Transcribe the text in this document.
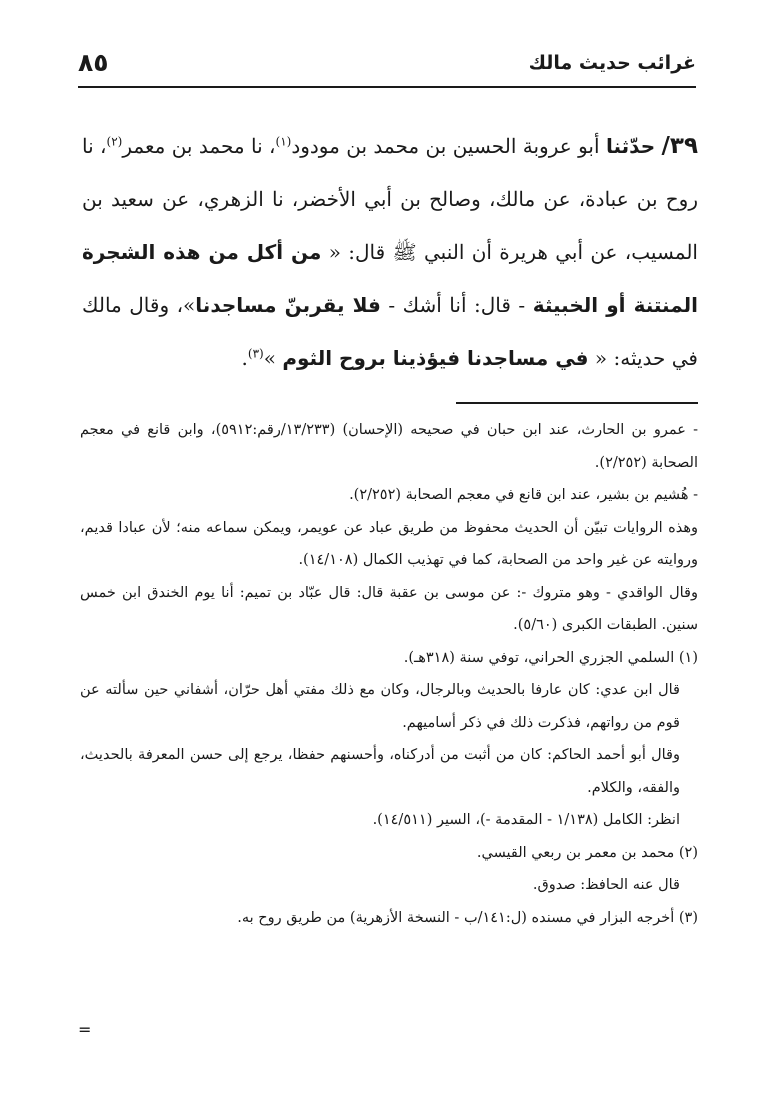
غرائب حديث مالك
٨٥

٣٩/ حدّثنا أبو عروبة الحسين بن محمد بن مودود$^{(١)}$، نا محمد بن معمر$^{(٢)}$، نا روح بن عبادة، عن مالك، وصالح بن أبي الأخضر، نا الزهري، عن سعيد بن المسيب، عن أبي هريرة أن النبي ﷺ قال: « من أكل من هذه الشجرة المنتنة أو الخبيثة - قال: أنا أشك - فلا يقربنّ مساجدنا»، وقال مالك في حديثه: « في مساجدنا فيؤذينا بروح الثوم »$^{(٣)}$.

- عمرو بن الحارث، عند ابن حبان في صحيحه (الإحسان) (١٣/٢٣٣/رقم:٥٩١٢)، وابن قانع في معجم الصحابة (٢/٢٥٢).

- هُشيم بن بشير، عند ابن قانع في معجم الصحابة (٢/٢٥٢).

وهذه الروايات تبيّن أن الحديث محفوظ من طريق عباد عن عويمر، ويمكن سماعه منه؛ لأن عبادا قديم، وروايته عن غير واحد من الصحابة، كما في تهذيب الكمال (١٤/١٠٨).

وقال الواقدي - وهو متروك -: عن موسى بن عقبة قال: قال عبّاد بن تميم: أنا يوم الخندق ابن خمس سنين. الطبقات الكبرى (٥/٦٠).

(١) السلمي الجزري الحراني، توفي سنة (٣١٨هـ).

قال ابن عدي: كان عارفا بالحديث وبالرجال، وكان مع ذلك مفتي أهل حرّان، أشفاني حين سألته عن قوم من رواتهم، فذكرت ذلك في ذكر أساميهم.

وقال أبو أحمد الحاكم: كان من أثبت من أدركناه، وأحسنهم حفظا، يرجع إلى حسن المعرفة بالحديث، والفقه، والكلام.

انظر: الكامل (١/١٣٨ - المقدمة -)، السير (١٤/٥١١).

(٢) محمد بن معمر بن ربعي القيسي.

قال عنه الحافظ: صدوق.

(٣) أخرجه البزار في مسنده (ل:١٤١/ب - النسخة الأزهرية) من طريق روح به.

=
